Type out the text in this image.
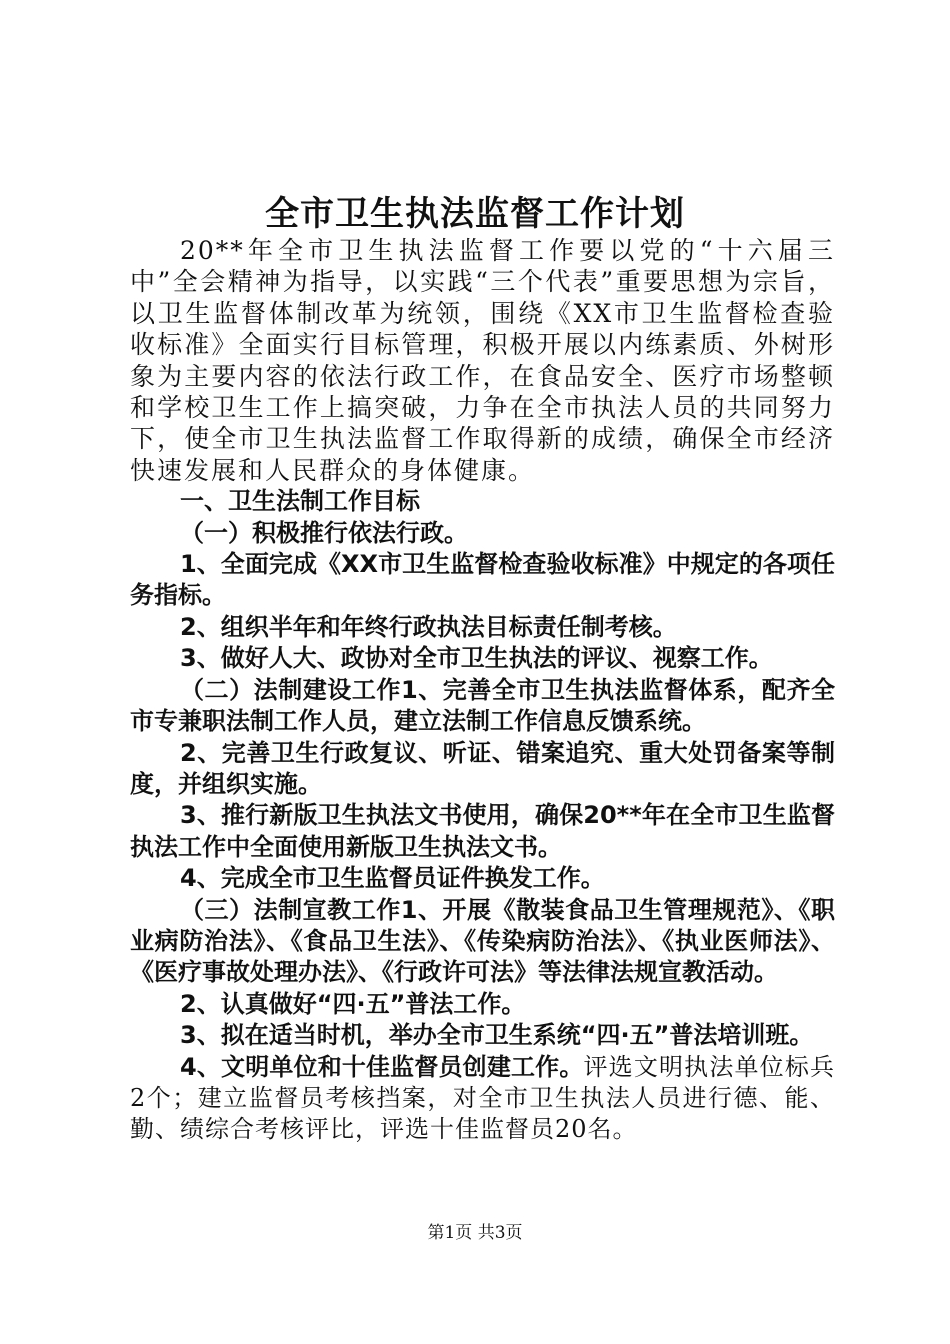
全市卫生执法监督工作计划

20**年全市卫生执法监督工作要以党的“十六届三中”全会精神为指导，以实践“三个代表”重要思想为宗旨，以卫生监督体制改革为统领，围绕《XX市卫生监督检查验收标准》全面实行目标管理，积极开展以内练素质、外树形象为主要内容的依法行政工作，在食品安全、医疗市场整顿和学校卫生工作上搞突破，力争在全市执法人员的共同努力下，使全市卫生执法监督工作取得新的成绩，确保全市经济快速发展和人民群众的身体健康。

一、卫生法制工作目标

（一）积极推行依法行政。

1、全面完成《XX市卫生监督检查验收标准》中规定的各项任务指标。

2、组织半年和年终行政执法目标责任制考核。

3、做好人大、政协对全市卫生执法的评议、视察工作。

（二）法制建设工作1、完善全市卫生执法监督体系，配齐全市专兼职法制工作人员，建立法制工作信息反馈系统。

2、完善卫生行政复议、听证、错案追究、重大处罚备案等制度，并组织实施。

3、推行新版卫生执法文书使用，确保20**年在全市卫生监督执法工作中全面使用新版卫生执法文书。

4、完成全市卫生监督员证件换发工作。

（三）法制宣教工作1、开展《散装食品卫生管理规范》、《职业病防治法》、《食品卫生法》、《传染病防治法》、《执业医师法》、《医疗事故处理办法》、《行政许可法》等法律法规宣教活动。

2、认真做好“四·五”普法工作。

3、拟在适当时机，举办全市卫生系统“四·五”普法培训班。

4、文明单位和十佳监督员创建工作。评选文明执法单位标兵2个；建立监督员考核挡案，对全市卫生执法人员进行德、能、勤、绩综合考核评比，评选十佳监督员20名。

第1页 共3页
